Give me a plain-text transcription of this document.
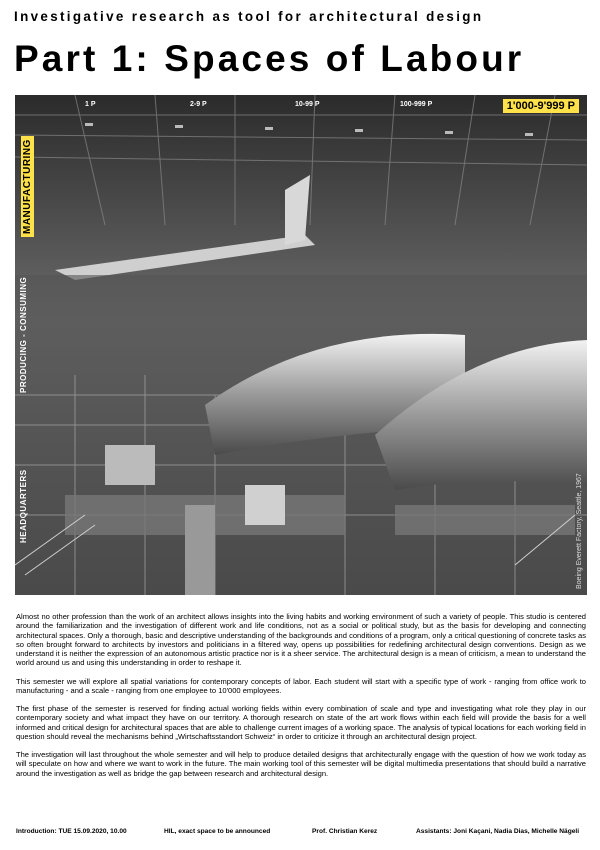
Investigative research as tool for architectural design
Part 1: Spaces of Labour
1 P	2-9 P	10-99 P	100-999 P	1'000-9'999 P
MANUFACTURING
PRODUCING - CONSUMING
HEADQUARTERS	Boeing Everett Factory, Seattle, 1967

Almost no other profession than the work of an architect allows insights into the living habits and working environment of such a variety of people. This studio is centered around the familiarization and the investigation of different work and life conditions, not as a social or political study, but as the basis for developing and connecting architectural spaces. Only a thorough, basic and descriptive understanding of the backgrounds and conditions of a program, only a critical questioning of concrete tasks as so often brought forward to architects by investors and politicians in a filtered way, opens up possibilities for redefining architectural design conventions. Design as we understand it is neither the expression of an autonomous artistic practice nor is it a sheer service. The architectural design is a mean of criticism, a mean to understand the world around us and using this understanding in order to reshape it.

This semester we will explore all spatial variations for contemporary concepts of labor. Each student will start with a specific type of work - ranging from office work to manufacturing - and a scale - ranging from one employee to 10'000 employees.

The first phase of the semester is reserved for finding actual working fields within every combination of scale and type and investigating what role they play in our contemporary society and what impact they have on our territory. A thorough research on state of the art work flows within each field will provide the basis for a well informed and critical design for architectural spaces that are able to challenge current images of a working space. The analysis of typical locations for each working field in question should reveal the mechanisms behind „Wirtschaftsstandort Schweiz“ in order to criticize it through an architectural design project.

The investigation will last throughout the whole semester and will help to produce detailed designs that architecturally engage with the question of how we work today as will speculate on how and where we want to work in the future. The main working tool of this semester will be digital multimedia presentations that should build a narrative around the investigation as well as bridge the gap between research and architectural design.

Introduction: TUE 15.09.2020, 10.00	HIL, exact space to be announced	Prof. Christian Kerez	Assistants: Joni Kaçani, Nadia Dias, Michelle Nägeli
